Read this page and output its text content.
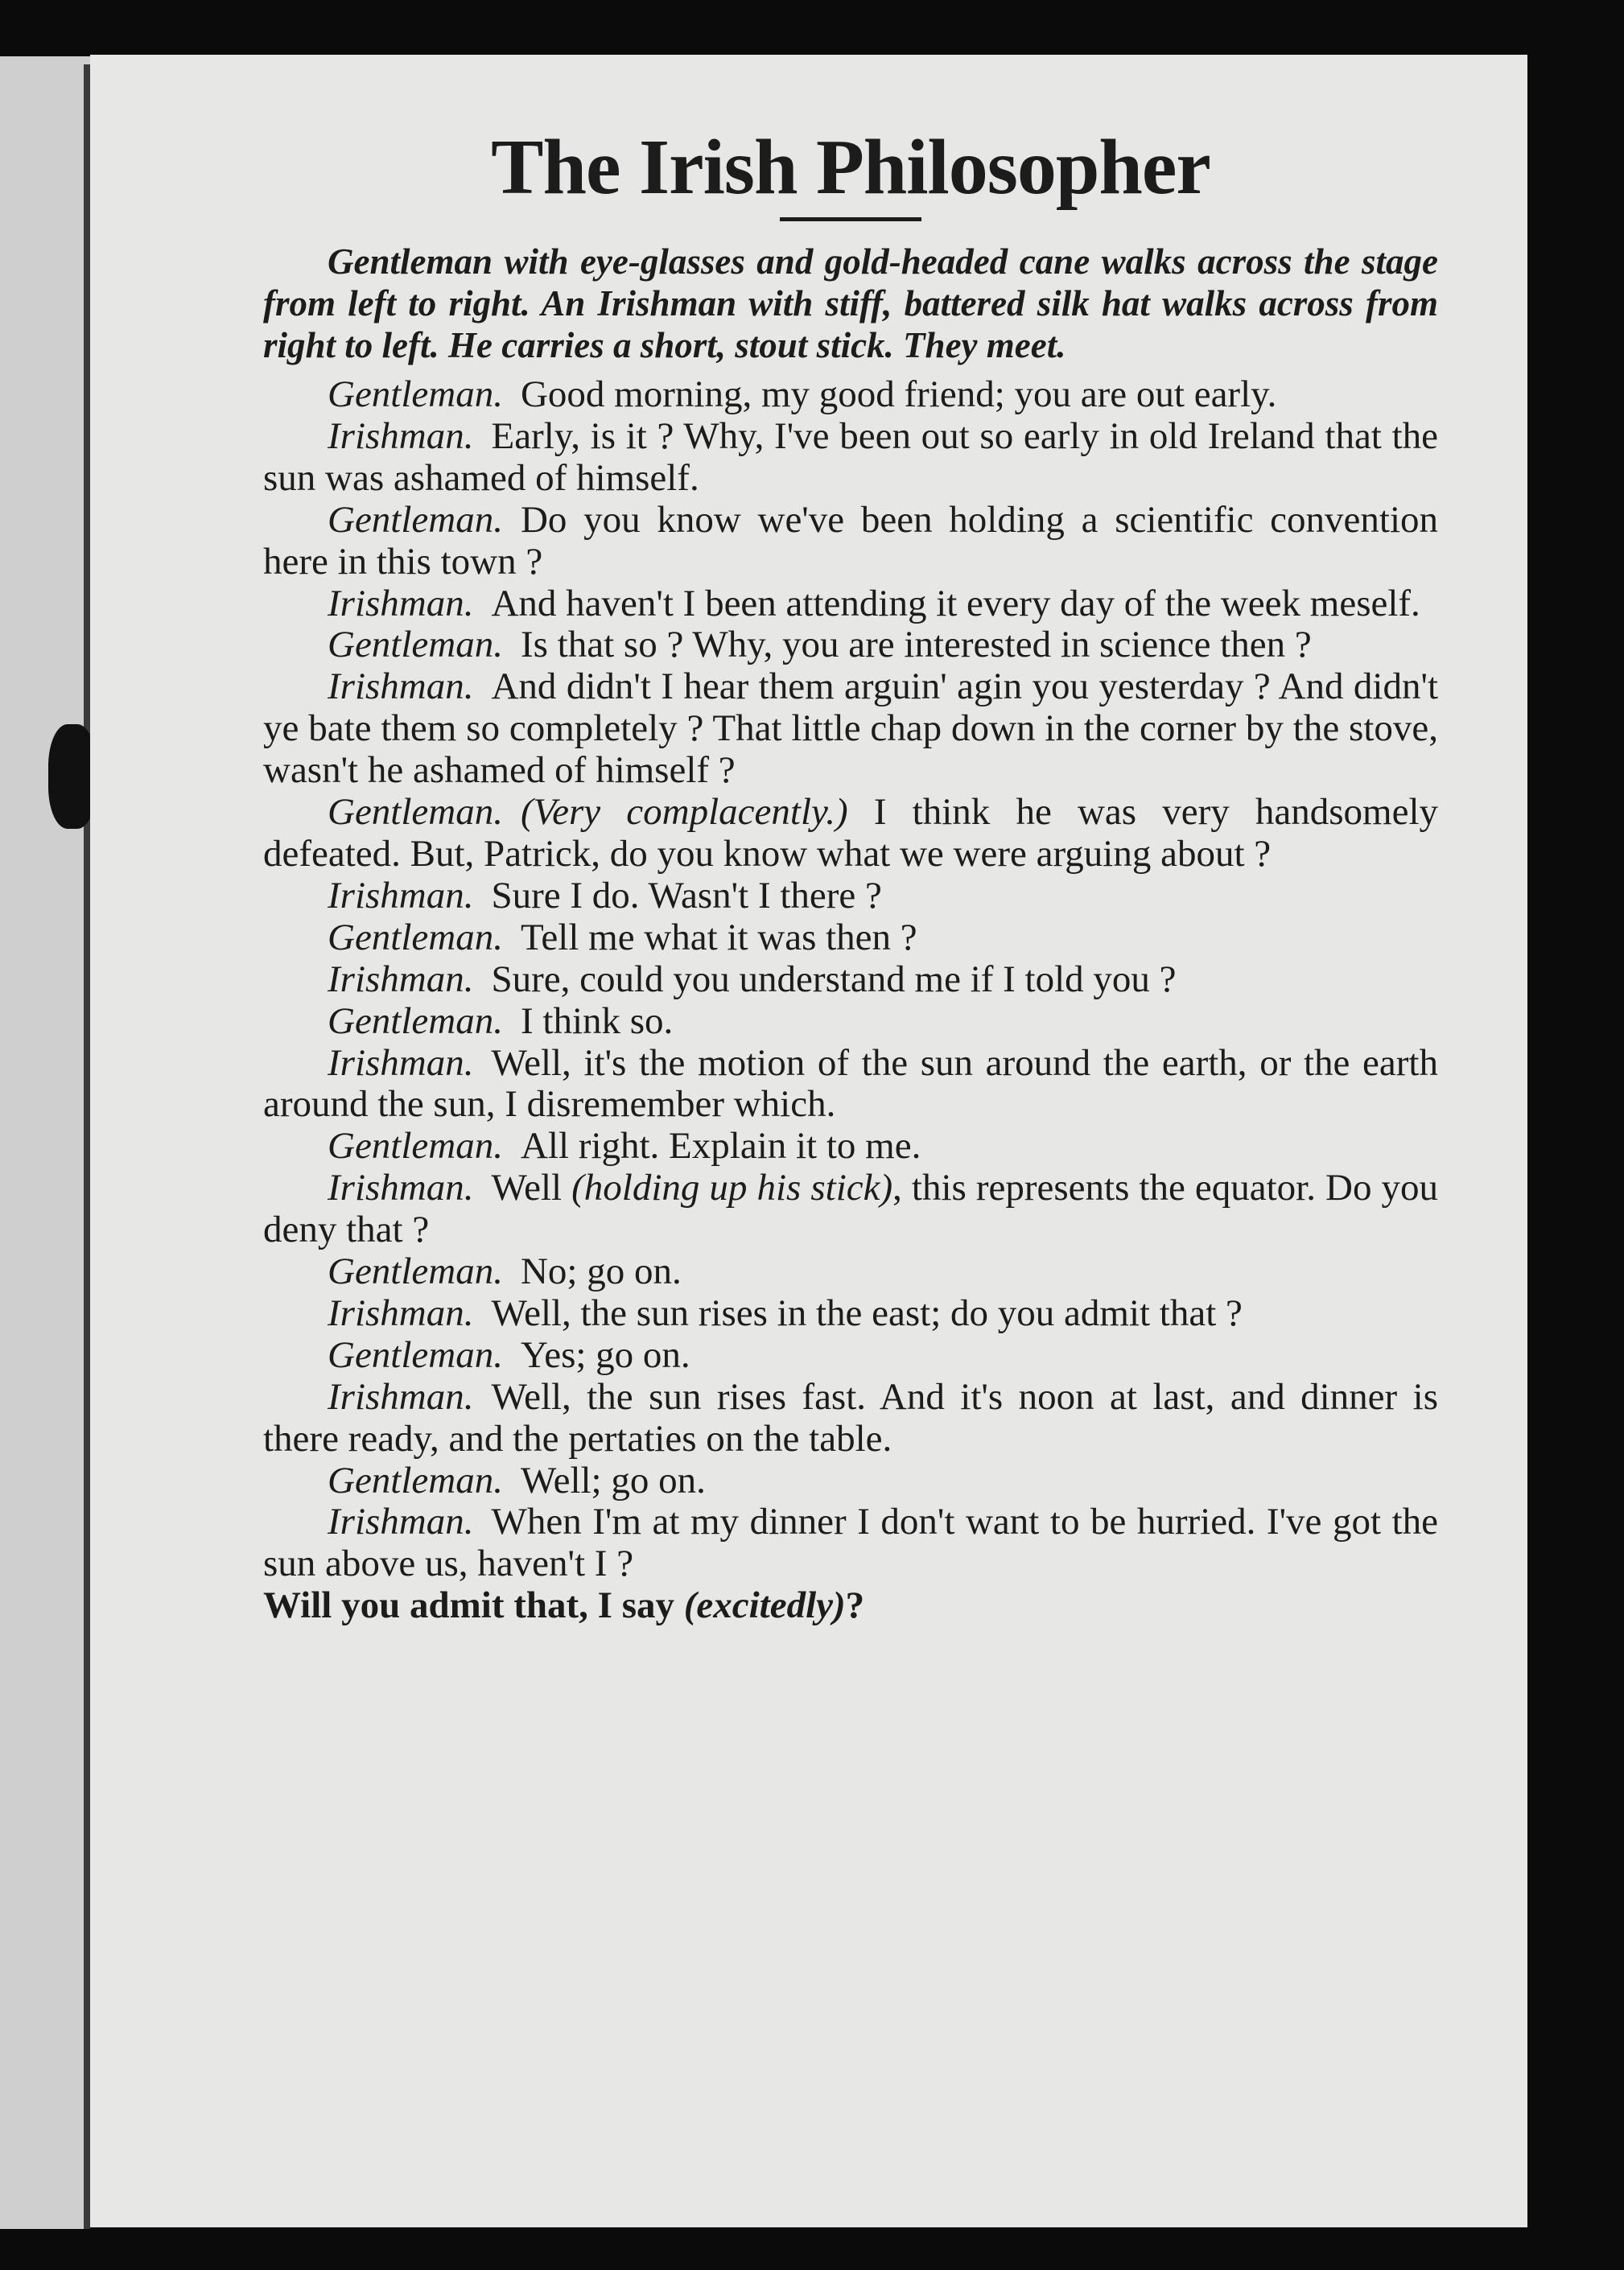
The Irish Philosopher

Gentleman with eye-glasses and gold-headed cane walks across the stage from left to right. An Irishman with stiff, battered silk hat walks across from right to left. He carries a short, stout stick. They meet.

Gentleman. Good morning, my good friend; you are out early.

Irishman. Early, is it ? Why, I've been out so early in old Ireland that the sun was ashamed of himself.

Gentleman. Do you know we've been holding a scientific convention here in this town ?

Irishman. And haven't I been attending it every day of the week meself.

Gentleman. Is that so ? Why, you are interested in science then ?

Irishman. And didn't I hear them arguin' agin you yesterday ? And didn't ye bate them so completely ? That little chap down in the corner by the stove, wasn't he ashamed of himself ?

Gentleman. (Very complacently.) I think he was very handsomely defeated. But, Patrick, do you know what we were arguing about ?

Irishman. Sure I do. Wasn't I there ?

Gentleman. Tell me what it was then ?

Irishman. Sure, could you understand me if I told you ?

Gentleman. I think so.

Irishman. Well, it's the motion of the sun around the earth, or the earth around the sun, I disremember which.

Gentleman. All right. Explain it to me.

Irishman. Well (holding up his stick), this represents the equator. Do you deny that ?

Gentleman. No; go on.

Irishman. Well, the sun rises in the east; do you admit that ?

Gentleman. Yes; go on.

Irishman. Well, the sun rises fast. And it's noon at last, and dinner is there ready, and the pertaties on the table.

Gentleman. Well; go on.

Irishman. When I'm at my dinner I don't want to be hurried. I've got the sun above us, haven't I ?

Will you admit that, I say (excitedly)?
